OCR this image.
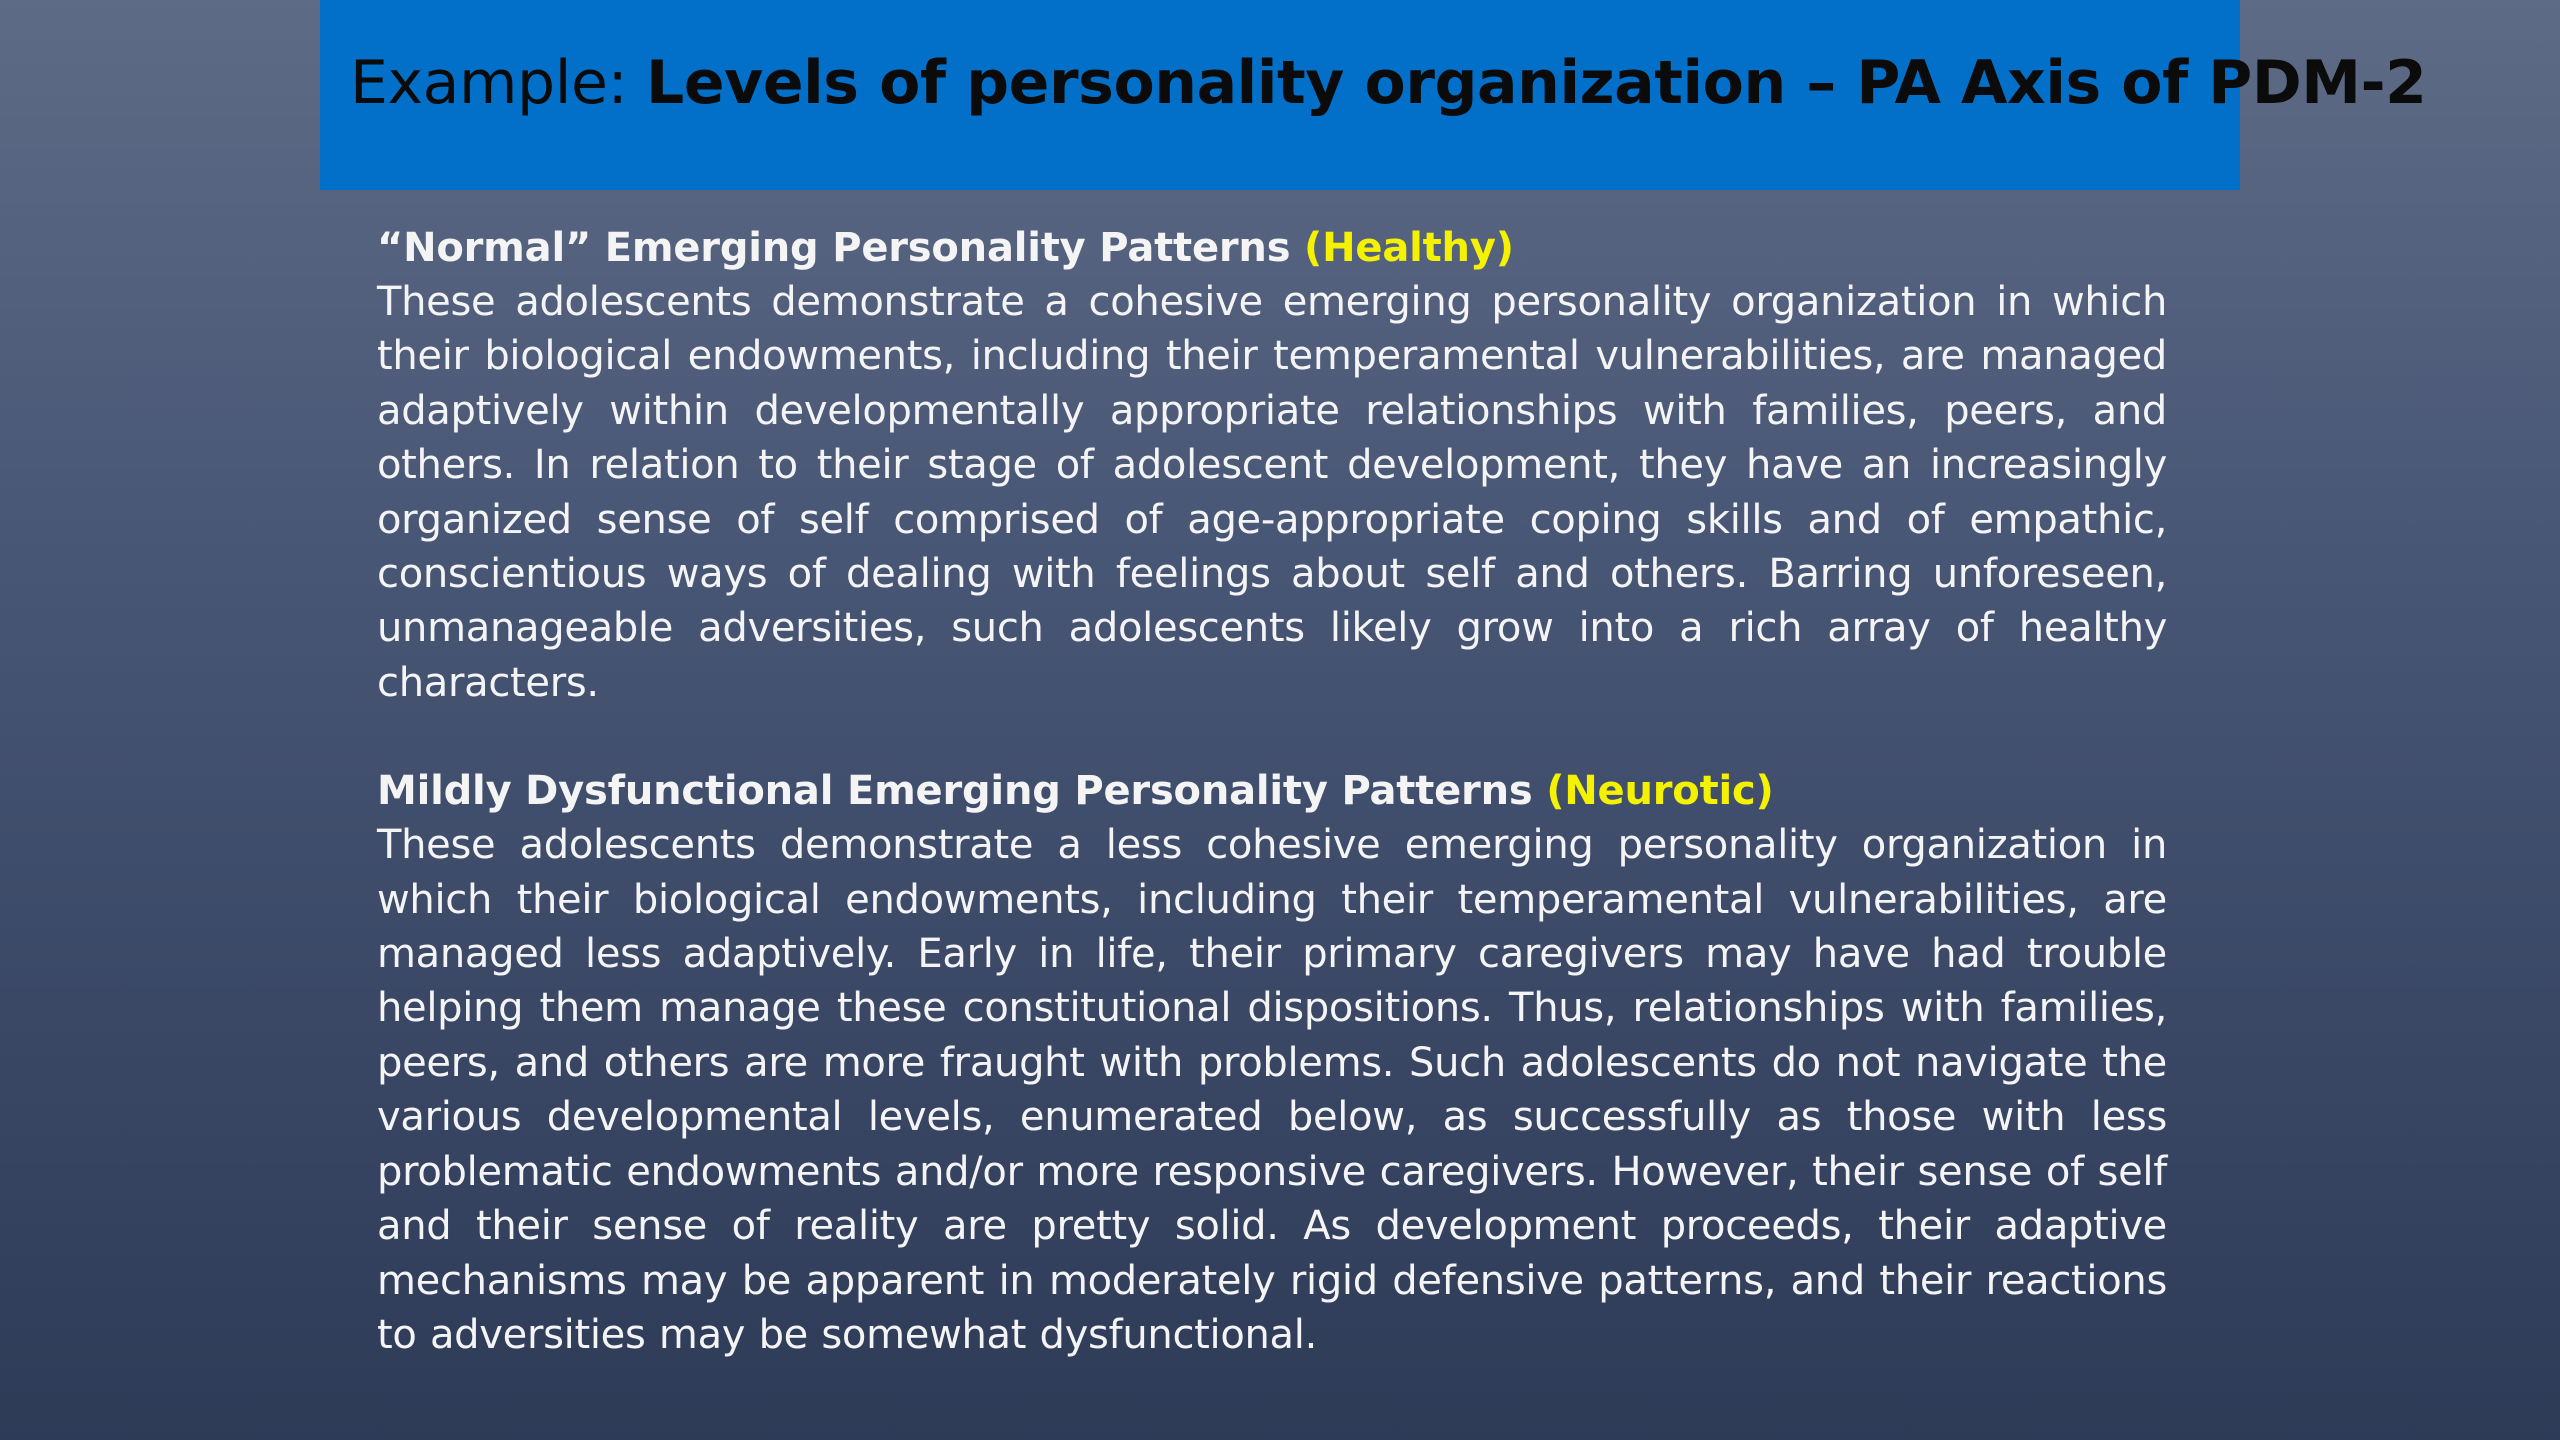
Example: Levels of personality organization – PA Axis of PDM-2
“Normal” Emerging Personality Patterns (Healthy)

These adolescents demonstrate a cohesive emerging personality organization in which their biological endowments, including their temperamental vulnerabilities, are managed adaptively within developmentally appropriate relationships with families, peers, and others. In relation to their stage of adolescent development, they have an increasingly organized sense of self comprised of age-appropriate coping skills and of empathic, conscientious ways of dealing with feelings about self and others. Barring unforeseen, unmanageable adversities, such adolescents likely grow into a rich array of healthy characters.

Mildly Dysfunctional Emerging Personality Patterns (Neurotic)

These adolescents demonstrate a less cohesive emerging personality organization in which their biological endowments, including their temperamental vulnerabilities, are managed less adaptively. Early in life, their primary caregivers may have had trouble helping them manage these constitutional dispositions. Thus, relationships with families, peers, and others are more fraught with problems. Such adolescents do not navigate the various developmental levels, enumerated below, as successfully as those with less problematic endowments and/or more responsive caregivers. However, their sense of self and their sense of reality are pretty solid. As development proceeds, their adaptive mechanisms may be apparent in moderately rigid defensive patterns, and their reactions to adversities may be somewhat dysfunctional.
